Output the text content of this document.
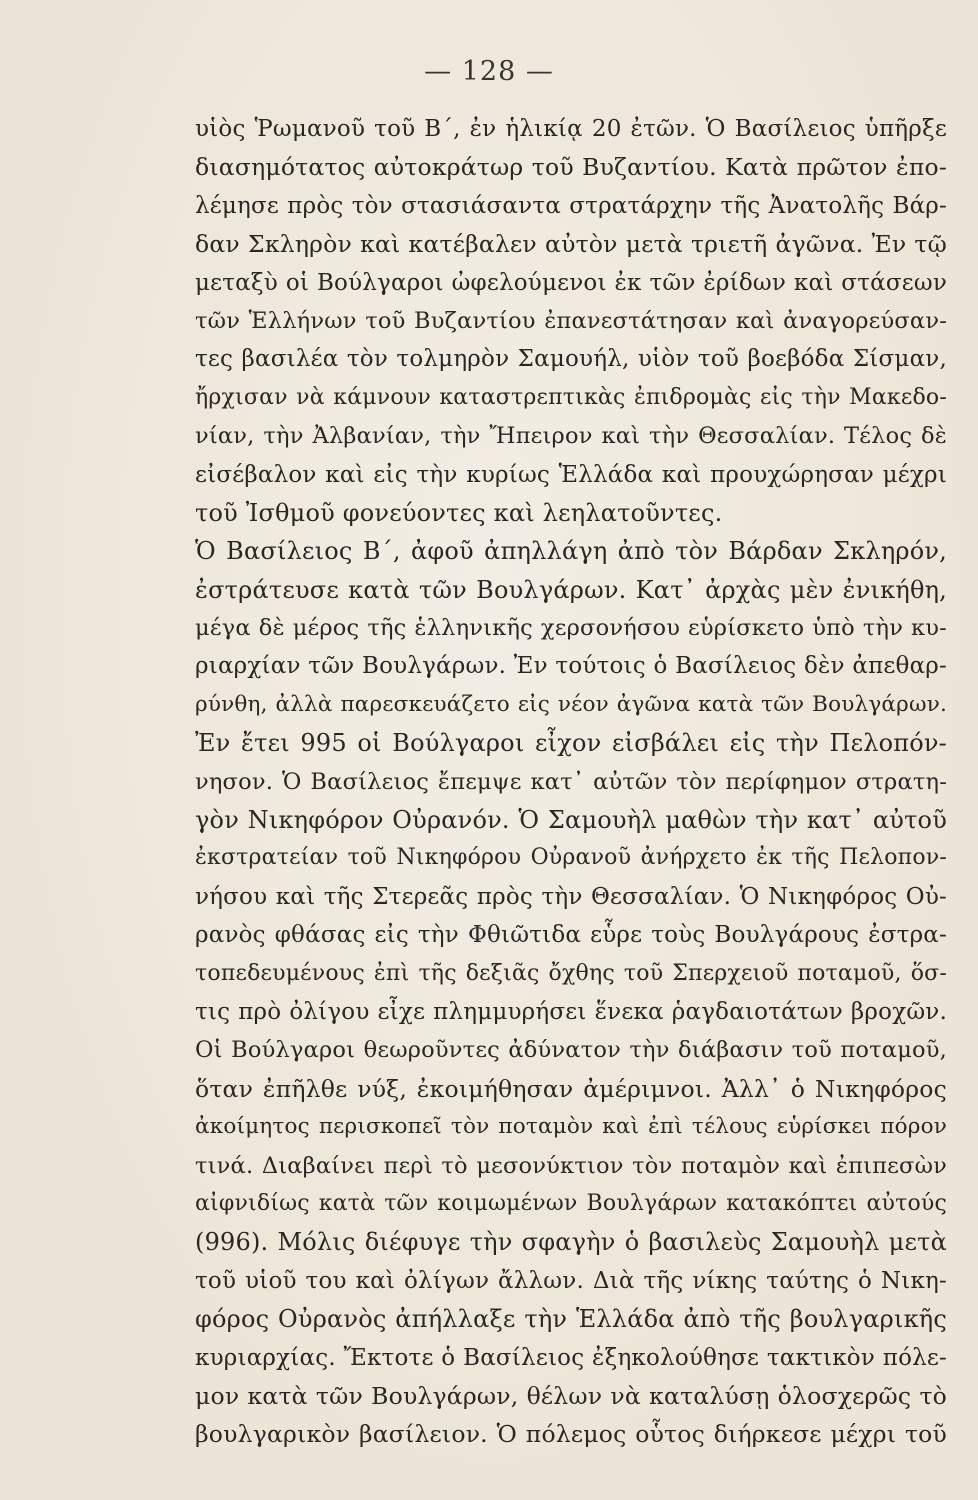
— 128 —
υἱὸς Ῥωμανοῦ τοῦ Β΄, ἐν ἡλικίᾳ 20 ἐτῶν. Ὁ Βασίλειος ὑπῆρξε
διασημότατος αὐτοκράτωρ τοῦ Βυζαντίου. Κατὰ πρῶτον ἐπο-
λέμησε πρὸς τὸν στασιάσαντα στρατάρχην τῆς Ἀνατολῆς Βάρ-
δαν Σκληρὸν καὶ κατέβαλεν αὐτὸν μετὰ τριετῆ ἀγῶνα. Ἐν τῷ
μεταξὺ οἱ Βούλγαροι ὠφελούμενοι ἐκ τῶν ἐρίδων καὶ στάσεων
τῶν Ἑλλήνων τοῦ Βυζαντίου ἐπανεστάτησαν καὶ ἀναγορεύσαν-
τες βασιλέα τὸν τολμηρὸν Σαμουήλ, υἱὸν τοῦ βοεβόδα Σίσμαν,
ἤρχισαν νὰ κάμνουν καταστρεπτικὰς ἐπιδρομὰς εἰς τὴν Μακεδο-
νίαν, τὴν Ἀλβανίαν, τὴν Ἤπειρον καὶ τὴν Θεσσαλίαν. Τέλος δὲ
εἰσέβαλον καὶ εἰς τὴν κυρίως Ἑλλάδα καὶ προυχώρησαν μέχρι
τοῦ Ἰσθμοῦ φονεύοντες καὶ λεηλατοῦντες.
Ὁ Βασίλειος Β΄, ἀφοῦ ἀπηλλάγη ἀπὸ τὸν Βάρδαν Σκληρόν,
ἐστράτευσε κατὰ τῶν Βουλγάρων. Κατ᾽ ἀρχὰς μὲν ἐνικήθη,
μέγα δὲ μέρος τῆς ἑλληνικῆς χερσονήσου εὑρίσκετο ὑπὸ τὴν κυ-
ριαρχίαν τῶν Βουλγάρων. Ἐν τούτοις ὁ Βασίλειος δὲν ἀπεθαρ-
ρύνθη, ἀλλὰ παρεσκευάζετο εἰς νέον ἀγῶνα κατὰ τῶν Βουλγάρων.
Ἐν ἔτει 995 οἱ Βούλγαροι εἶχον εἰσβάλει εἰς τὴν Πελοπόν-
νησον. Ὁ Βασίλειος ἔπεμψε κατ᾽ αὐτῶν τὸν περίφημον στρατη-
γὸν Νικηφόρον Οὐρανόν. Ὁ Σαμουὴλ μαθὼν τὴν κατ᾽ αὐτοῦ
ἐκστρατείαν τοῦ Νικηφόρου Οὐρανοῦ ἀνήρχετο ἐκ τῆς Πελοπον-
νήσου καὶ τῆς Στερεᾶς πρὸς τὴν Θεσσαλίαν. Ὁ Νικηφόρος Οὐ-
ρανὸς φθάσας εἰς τὴν Φθιῶτιδα εὗρε τοὺς Βουλγάρους ἐστρα-
τοπεδευμένους ἐπὶ τῆς δεξιᾶς ὄχθης τοῦ Σπερχειοῦ ποταμοῦ, ὅσ-
τις πρὸ ὀλίγου εἶχε πλημμυρήσει ἕνεκα ῥαγδαιοτάτων βροχῶν.
Οἱ Βούλγαροι θεωροῦντες ἀδύνατον τὴν διάβασιν τοῦ ποταμοῦ,
ὅταν ἐπῆλθε νύξ, ἐκοιμήθησαν ἀμέριμνοι. Ἀλλ᾽ ὁ Νικηφόρος
ἀκοίμητος περισκοπεῖ τὸν ποταμὸν καὶ ἐπὶ τέλους εὑρίσκει πόρον
τινά. Διαβαίνει περὶ τὸ μεσονύκτιον τὸν ποταμὸν καὶ ἐπιπεσὼν
αἰφνιδίως κατὰ τῶν κοιμωμένων Βουλγάρων κατακόπτει αὐτούς
(996). Μόλις διέφυγε τὴν σφαγὴν ὁ βασιλεὺς Σαμουὴλ μετὰ
τοῦ υἱοῦ του καὶ ὀλίγων ἄλλων. Διὰ τῆς νίκης ταύτης ὁ Νικη-
φόρος Οὐρανὸς ἀπήλλαξε τὴν Ἑλλάδα ἀπὸ τῆς βουλγαρικῆς
κυριαρχίας. Ἔκτοτε ὁ Βασίλειος ἐξηκολούθησε τακτικὸν πόλε-
μον κατὰ τῶν Βουλγάρων, θέλων νὰ καταλύσῃ ὁλοσχερῶς τὸ
βουλγαρικὸν βασίλειον. Ὁ πόλεμος οὗτος διήρκεσε μέχρι τοῦ
